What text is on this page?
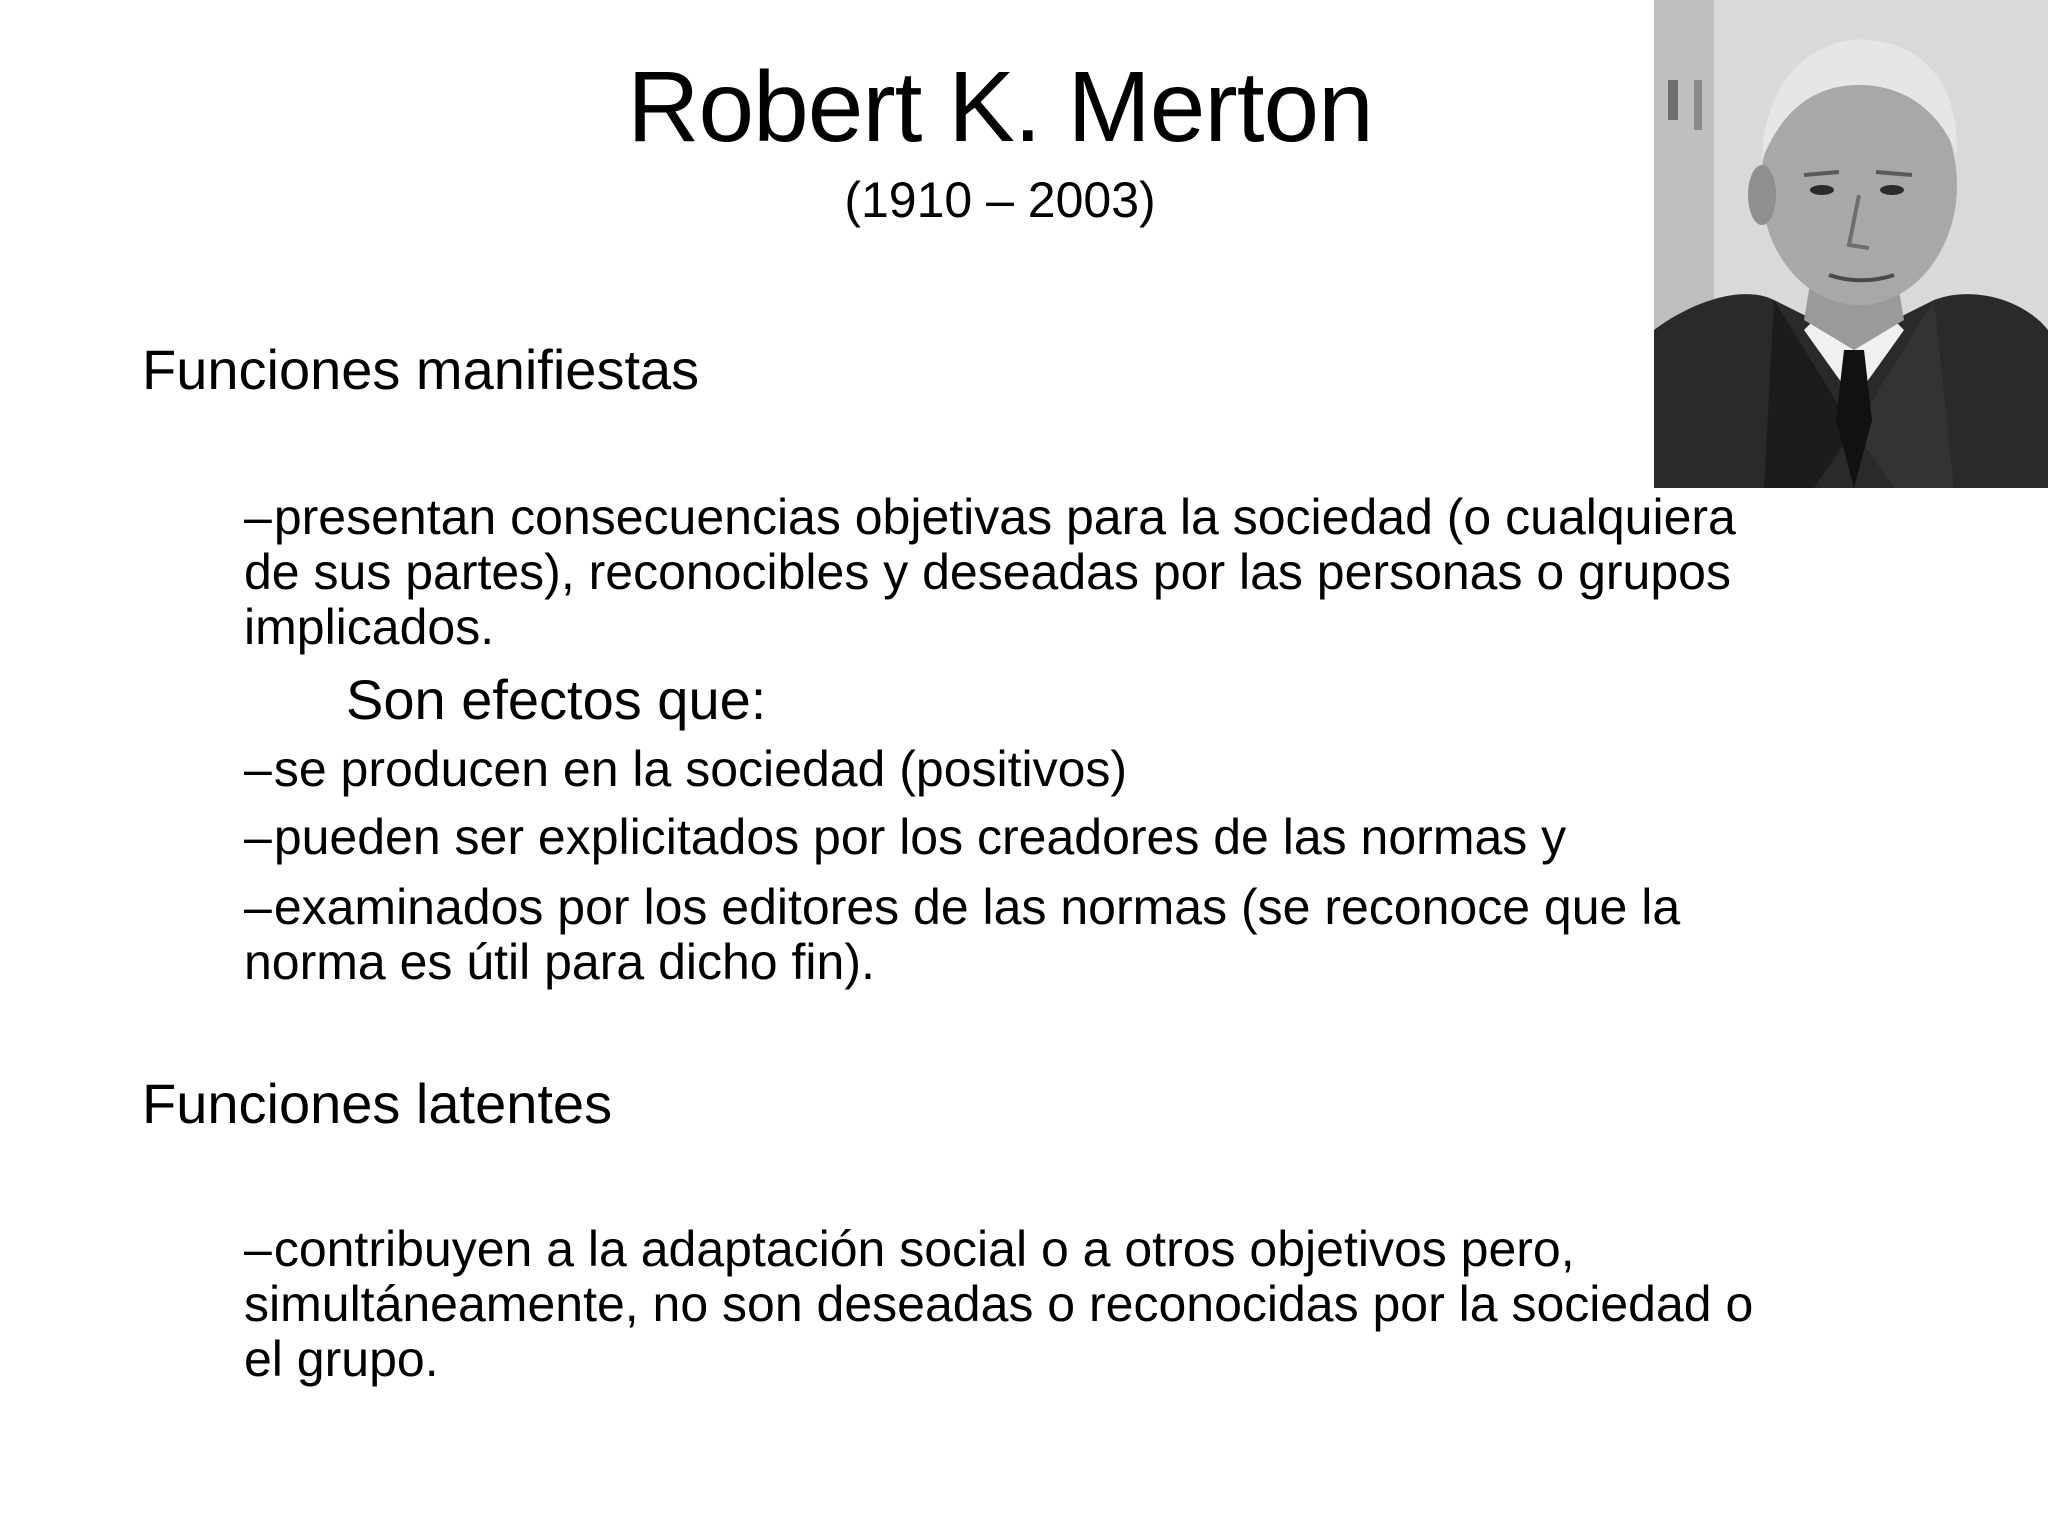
Robert K. Merton
(1910 – 2003)
Funciones manifiestas
–presentan consecuencias objetivas para la sociedad (o cualquiera de sus partes), reconocibles y deseadas por las personas o grupos implicados.
Son efectos que:
–se producen en la sociedad (positivos)
–pueden ser explicitados por los creadores de las normas y
–examinados por los editores de las normas (se reconoce que la norma es útil para dicho fin).
Funciones latentes
–contribuyen a la adaptación social o a otros objetivos pero, simultáneamente, no son deseadas o reconocidas por la sociedad o el grupo.
